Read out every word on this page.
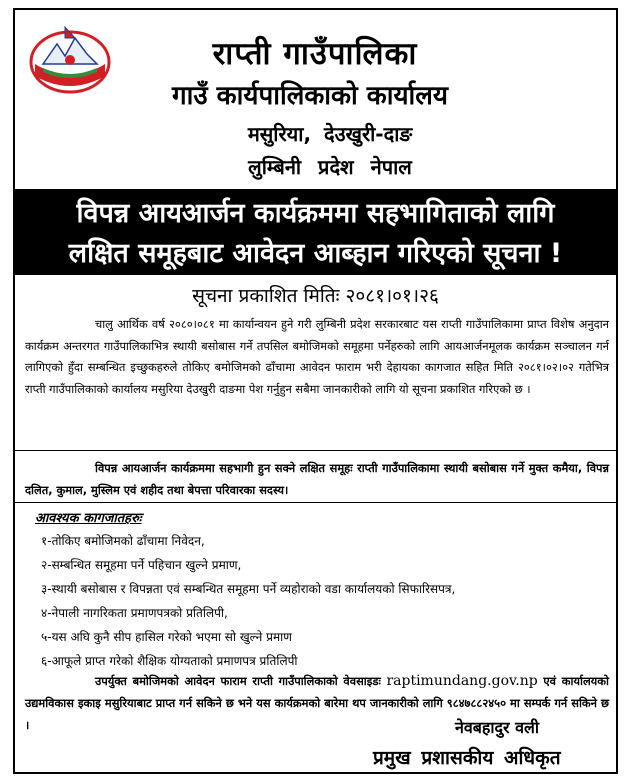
राप्ती गाउँपालिका
गाउँ कार्यपालिकाको कार्यालय
मसुरिया, देउखुरी-दाङ
लुम्बिनी प्रदेश नेपाल
विपन्न आयआर्जन कार्यक्रममा सहभागिताको लागि
लक्षित समूहबाट आवेदन आब्हान गरिएको सूचना !
सूचना प्रकाशित मितिः २०८१।०१।२६
चालु आर्थिक वर्ष २०८०।०८१ मा कार्यान्वयन हुने गरी लुम्बिनी प्रदेश सरकारबाट यस राप्ती गाउँपालिकामा प्राप्त विशेष अनुदान कार्यक्रम अन्तरगत गाउँपालिकाभित्र स्थायी बसोबास गर्ने तपसिल बमोजिमको समूहमा पर्नेहरुको लागि आयआर्जनमूलक कार्यक्रम सञ्चालन गर्न लागिएको हुँदा सम्बन्धित इच्छुकहरुले तोकिए बमोजिमको ढाँचामा आवेदन फाराम भरी देहायका कागजात सहित मिति २०८१।०२।०२ गतेभित्र राप्ती गाउँपालिकाको कार्यालय मसुरिया देउखुरी दाङमा पेश गर्नुहुन सबैमा जानकारीको लागि यो सूचना प्रकाशित गरिएको छ ।
विपन्न आयआर्जन कार्यक्रममा सहभागी हुन सक्ने लक्षित समूहः राप्ती गाउँपालिकामा स्थायी बसोबास गर्ने मुक्त कमैया, विपन्न दलित, कुमाल, मुस्लिम एवं शहीद तथा बेपत्ता परिवारका सदस्य।
आवश्यक कागजातहरुः
१-तोकिए बमोजिमको ढाँचामा निवेदन,
२-सम्बन्धित समूहमा पर्ने पहिचान खुल्ने प्रमाण,
३-स्थायी बसोबास र विपन्नता एवं सम्बन्धित समूहमा पर्ने व्यहोराको वडा कार्यालयको सिफारिसपत्र,
४-नेपाली नागरिकता प्रमाणपत्रको प्रतिलिपी,
५-यस अघि कुनै सीप हासिल गरेको भएमा सो खुल्ने प्रमाण
६-आफूले प्राप्त गरेको शैक्षिक योग्यताको प्रमाणपत्र प्रतिलिपी
उपर्युक्त बमोजिमको आवेदन फाराम राप्ती गाउँपालिकाको वेवसाइडः raptimundang.gov.np एवं कार्यालयको उद्यमविकास इकाइ मसुरियाबाट प्राप्त गर्न सकिने छ भने यस कार्यक्रमको बारेमा थप जानकारीको लागि ९८४७८८२४५० मा सम्पर्क गर्न सकिने छ ।	नेवबहादुर वली
प्रमुख प्रशासकीय अधिकृत
